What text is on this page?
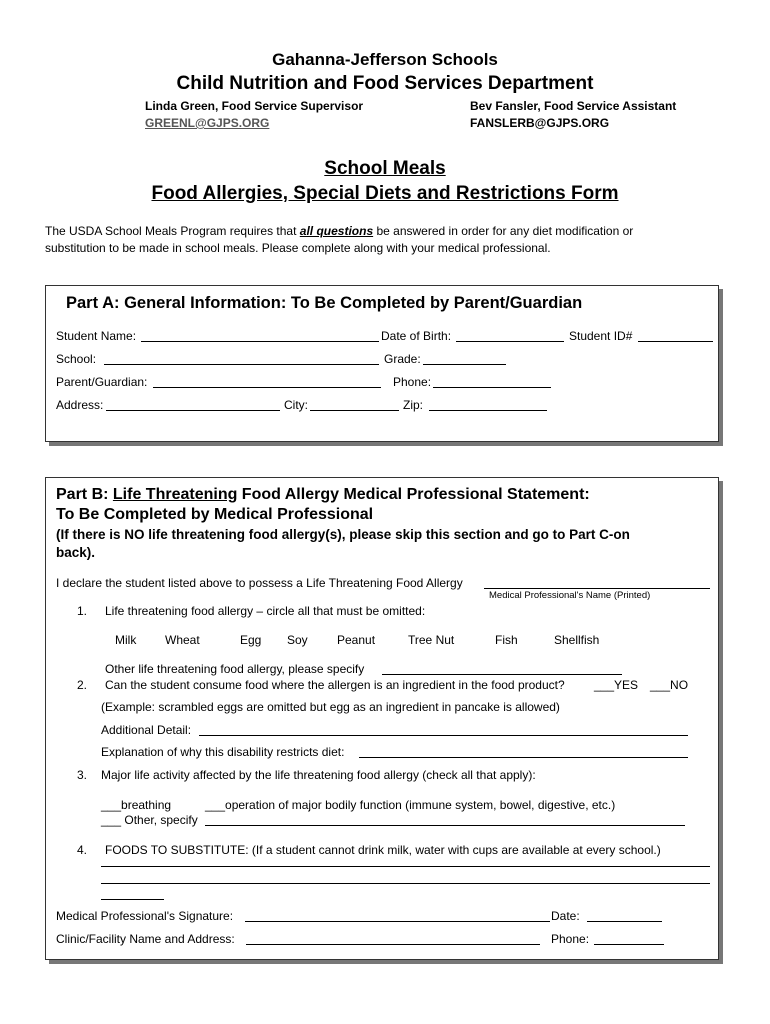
Gahanna-Jefferson Schools
Child Nutrition and Food Services Department
Linda Green, Food Service Supervisor
GREENL@GJPS.ORG
Bev Fansler, Food Service Assistant
FANSLERB@GJPS.ORG
School Meals
Food Allergies, Special Diets and Restrictions Form
The USDA School Meals Program requires that all questions be answered in order for any diet modification or
substitution to be made in school meals. Please complete along with your medical professional.
Part A: General Information: To Be Completed by Parent/Guardian
Student Name:	Date of Birth:	Student ID#
School:	Grade:
Parent/Guardian:	Phone:
Address:	City:	Zip:
Part B: Life Threatening Food Allergy Medical Professional Statement:
To Be Completed by Medical Professional
(If there is NO life threatening food allergy(s), please skip this section and go to Part C-on
back).
I declare the student listed above to possess a Life Threatening Food Allergy
Medical Professional's Name (Printed)
1. Life threatening food allergy – circle all that must be omitted:
Milk Wheat	Egg Soy Peanut	Tree Nut	Fish	Shellfish
Other life threatening food allergy, please specify
2. Can the student consume food where the allergen is an ingredient in the food product? ___YES ___NO
(Example: scrambled eggs are omitted but egg as an ingredient in pancake is allowed)
Additional Detail:
Explanation of why this disability restricts diet:
3. Major life activity affected by the life threatening food allergy (check all that apply):
___breathing	___operation of major bodily function (immune system, bowel, digestive, etc.)
___ Other, specify
4. FOODS TO SUBSTITUTE: (If a student cannot drink milk, water with cups are available at every school.)
Medical Professional's Signature:	Date:
Clinic/Facility Name and Address:	Phone:
